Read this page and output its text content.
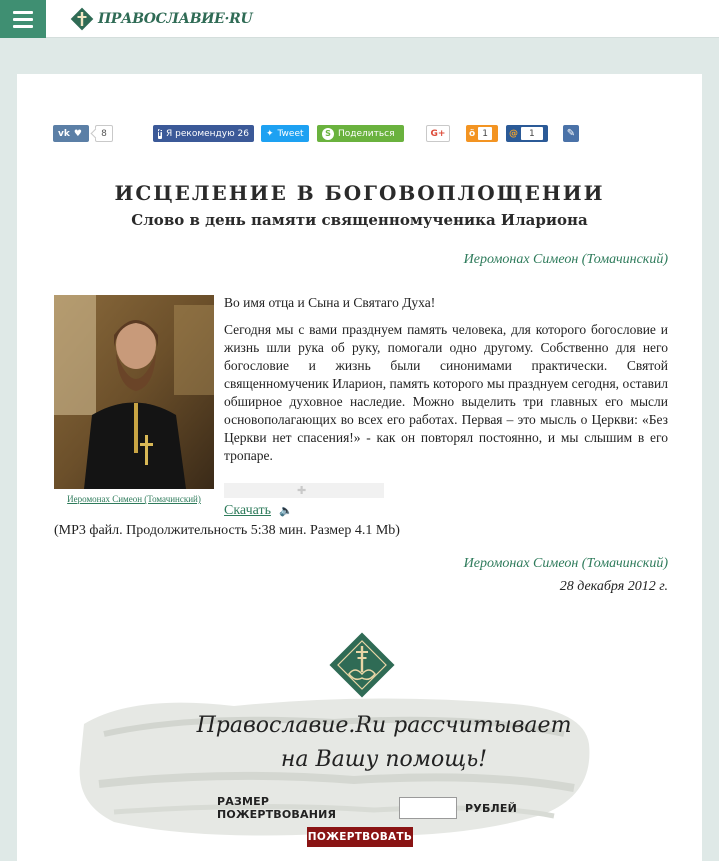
ПРАВОСЛАВИЕ·RU
vk ♥	8	f Я рекомендую 26 ✦ Tweet	S Поделиться	G+	ӧ 1	@	1	✎
ИСЦЕЛЕНИЕ В БОГОВОПЛОЩЕНИИ
Слово в день памяти священномученика Илариона
Иеромонах Симеон (Томачинский)
Иеромонах Симеон (Томачинский)

Во имя отца и Сына и Святаго Духа!

Сегодня мы с вами празднуем память человека, для которого богословие и жизнь шли рука об руку, помогали одно другому. Собственно для него богословие и жизнь были синонимами практически. Святой священномученик Иларион, память которого мы празднуем сегодня, оставил обширное духовное наследие. Можно выделить три главных его мысли основополагающих во всех его работах. Первая – это мысль о Церкви: «Без Церкви нет спасения!» - как он повторял постоянно, и мы слышим в его тропаре.

✚
Скачать 🔈
(MP3 файл. Продолжительность 5:38 мин. Размер 4.1 Mb)
Иеромонах Симеон (Томачинский)
28 декабря 2012 г.
Православие.Ru рассчитывает
на Вашу помощь!
РАЗМЕР ПОЖЕРТВОВАНИЯ	РУБЛЕЙ
ПОЖЕРТВОВАТЬ
